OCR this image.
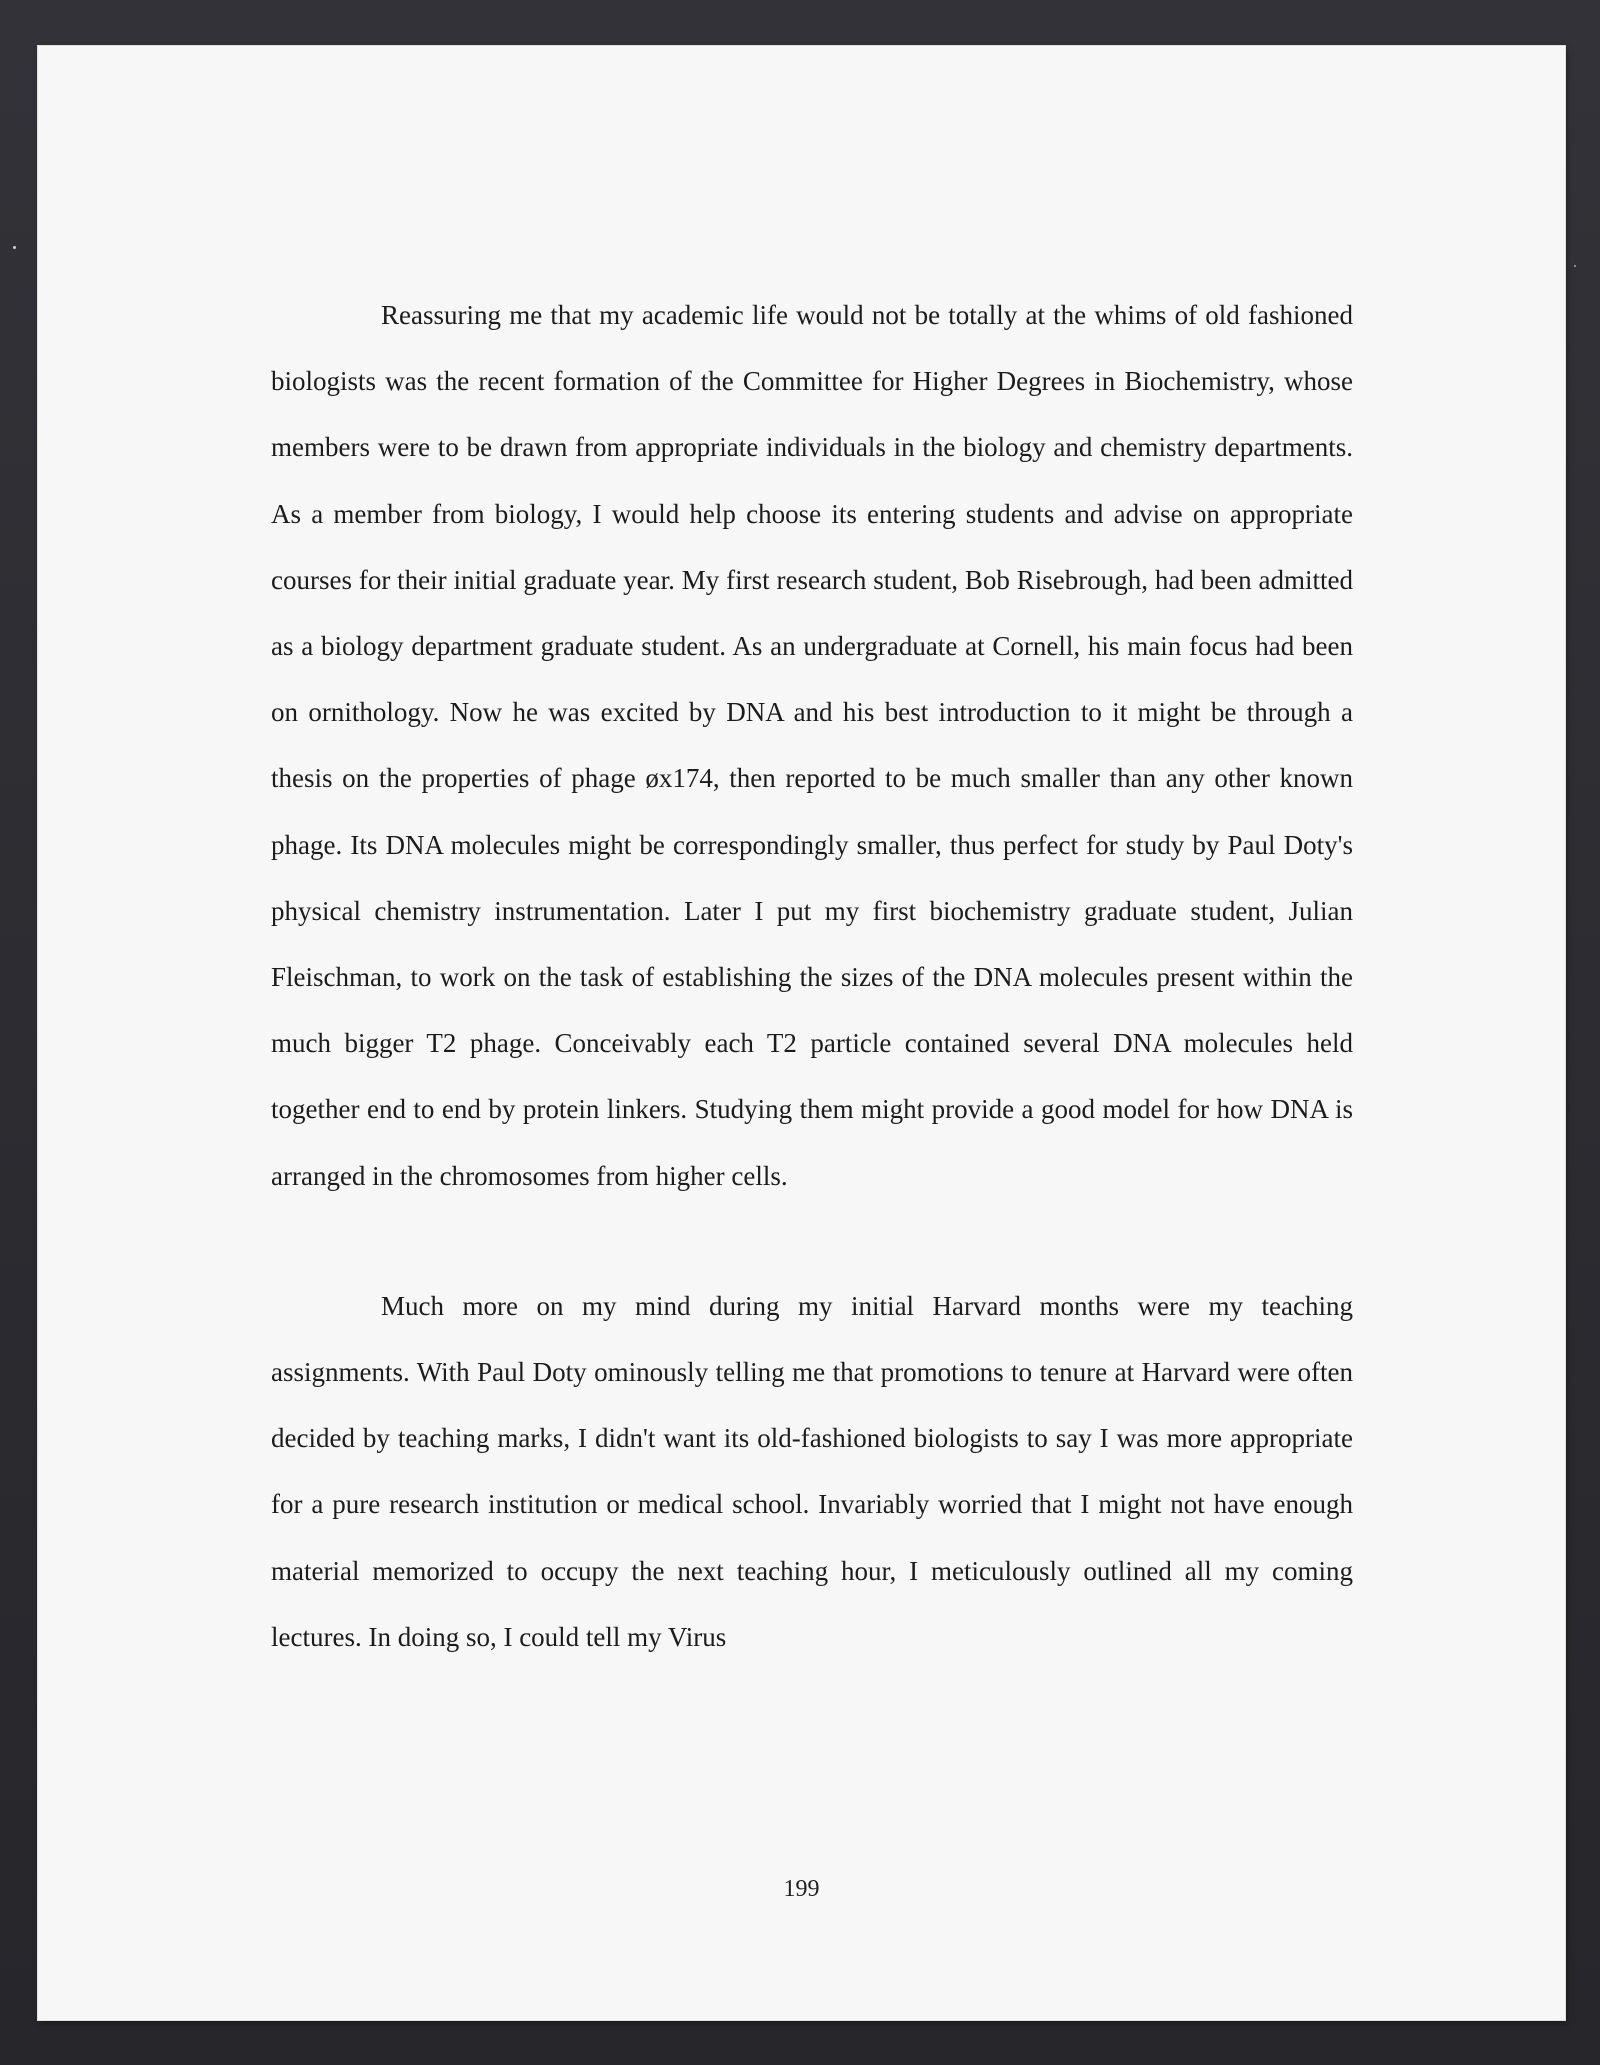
Reassuring me that my academic life would not be totally at the whims of old fashioned biologists was the recent formation of the Committee for Higher Degrees in Biochemistry, whose members were to be drawn from appropriate individuals in the biology and chemistry departments. As a member from biology, I would help choose its entering students and advise on appropriate courses for their initial graduate year. My first research student, Bob Risebrough, had been admitted as a biology department graduate student. As an undergraduate at Cornell, his main focus had been on ornithology. Now he was excited by DNA and his best introduction to it might be through a thesis on the properties of phage øx174, then reported to be much smaller than any other known phage. Its DNA molecules might be correspondingly smaller, thus perfect for study by Paul Doty's physical chemistry instrumentation. Later I put my first biochemistry graduate student, Julian Fleischman, to work on the task of establishing the sizes of the DNA molecules present within the much bigger T2 phage. Conceivably each T2 particle contained several DNA molecules held together end to end by protein linkers. Studying them might provide a good model for how DNA is arranged in the chromosomes from higher cells.

Much more on my mind during my initial Harvard months were my teaching assignments. With Paul Doty ominously telling me that promotions to tenure at Harvard were often decided by teaching marks, I didn't want its old-fashioned biologists to say I was more appropriate for a pure research institution or medical school. Invariably worried that I might not have enough material memorized to occupy the next teaching hour, I meticulously outlined all my coming lectures. In doing so, I could tell my Virus

199
